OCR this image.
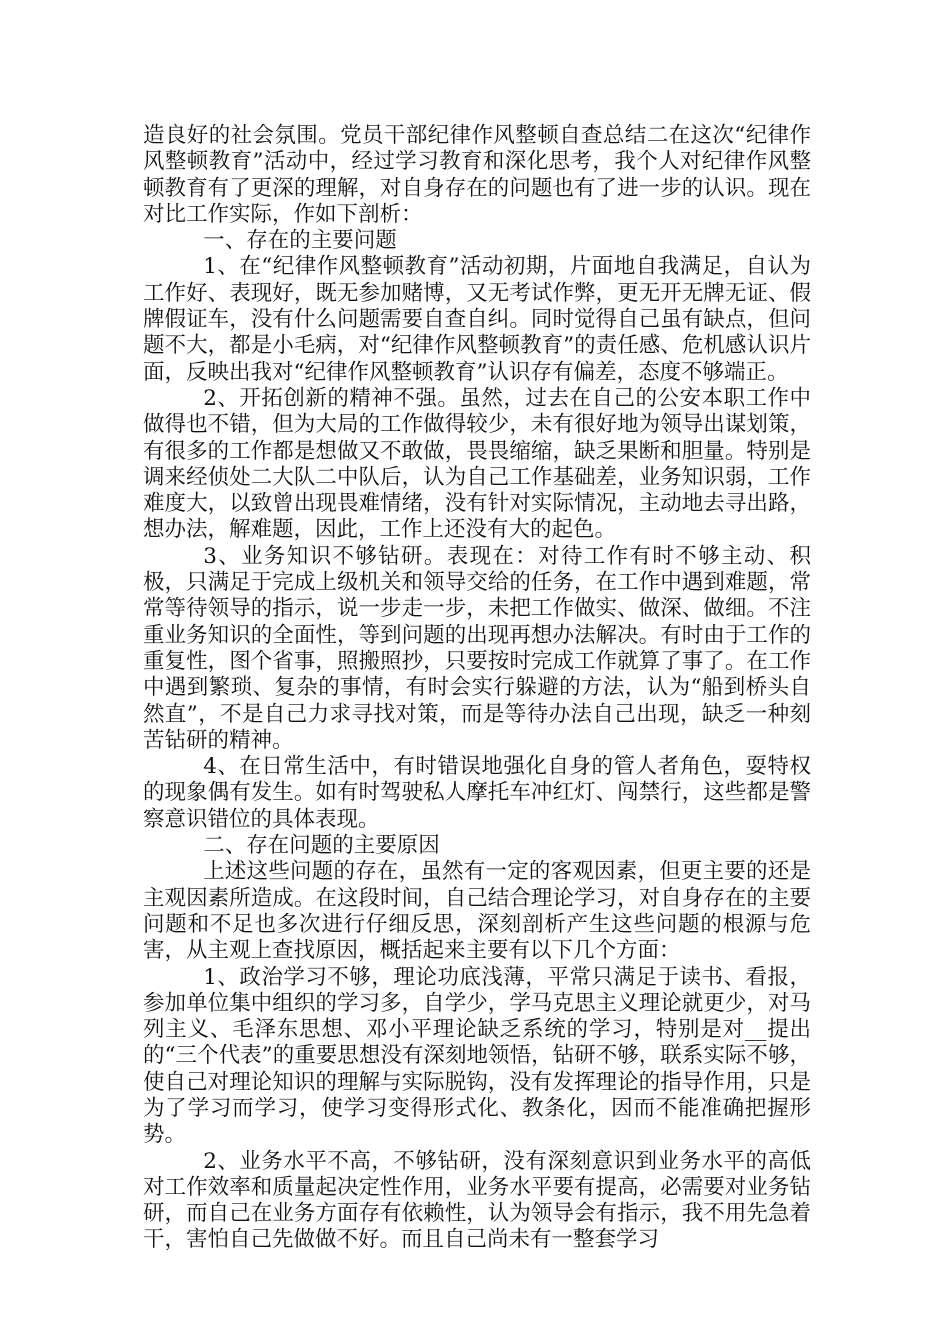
造良好的社会氛围。党员干部纪律作风整顿自查总结二在这次“纪律作风整顿教育”活动中，经过学习教育和深化思考，我个人对纪律作风整顿教育有了更深的理解，对自身存在的问题也有了进一步的认识。现在对比工作实际，作如下剖析：

一、存在的主要问题

1、在“纪律作风整顿教育”活动初期，片面地自我满足，自认为工作好、表现好，既无参加赌博，又无考试作弊，更无开无牌无证、假牌假证车，没有什么问题需要自查自纠。同时觉得自己虽有缺点，但问题不大，都是小毛病，对“纪律作风整顿教育”的责任感、危机感认识片面，反映出我对“纪律作风整顿教育”认识存有偏差，态度不够端正。

2、开拓创新的精神不强。虽然，过去在自己的公安本职工作中做得也不错，但为大局的工作做得较少，未有很好地为领导出谋划策，有很多的工作都是想做又不敢做，畏畏缩缩，缺乏果断和胆量。特别是调来经侦处二大队二中队后，认为自己工作基础差，业务知识弱，工作难度大，以致曾出现畏难情绪，没有针对实际情况，主动地去寻出路，想办法，解难题，因此，工作上还没有大的起色。

3、业务知识不够钻研。表现在：对待工作有时不够主动、积极，只满足于完成上级机关和领导交给的任务，在工作中遇到难题，常常等待领导的指示，说一步走一步，未把工作做实、做深、做细。不注重业务知识的全面性，等到问题的出现再想办法解决。有时由于工作的重复性，图个省事，照搬照抄，只要按时完成工作就算了事了。在工作中遇到繁琐、复杂的事情，有时会实行躲避的方法，认为“船到桥头自然直”，不是自己力求寻找对策，而是等待办法自己出现，缺乏一种刻苦钻研的精神。

4、在日常生活中，有时错误地强化自身的管人者角色，耍特权的现象偶有发生。如有时驾驶私人摩托车冲红灯、闯禁行，这些都是警察意识错位的具体表现。

二、存在问题的主要原因

上述这些问题的存在，虽然有一定的客观因素，但更主要的还是主观因素所造成。在这段时间，自己结合理论学习，对自身存在的主要问题和不足也多次进行仔细反思，深刻剖析产生这些问题的根源与危害，从主观上查找原因，概括起来主要有以下几个方面：

1、政治学习不够，理论功底浅薄，平常只满足于读书、看报，参加单位集中组织的学习多，自学少，学马克思主义理论就更少，对马列主义、毛泽东思想、邓小平理论缺乏系统的学习，特别是对__提出的“三个代表”的重要思想没有深刻地领悟，钻研不够，联系实际不够，使自己对理论知识的理解与实际脱钩，没有发挥理论的指导作用，只是为了学习而学习，使学习变得形式化、教条化，因而不能准确把握形势。

2、业务水平不高，不够钻研，没有深刻意识到业务水平的高低对工作效率和质量起决定性作用，业务水平要有提高，必需要对业务钻研，而自己在业务方面存有依赖性，认为领导会有指示，我不用先急着干，害怕自己先做做不好。而且自己尚未有一整套学习
